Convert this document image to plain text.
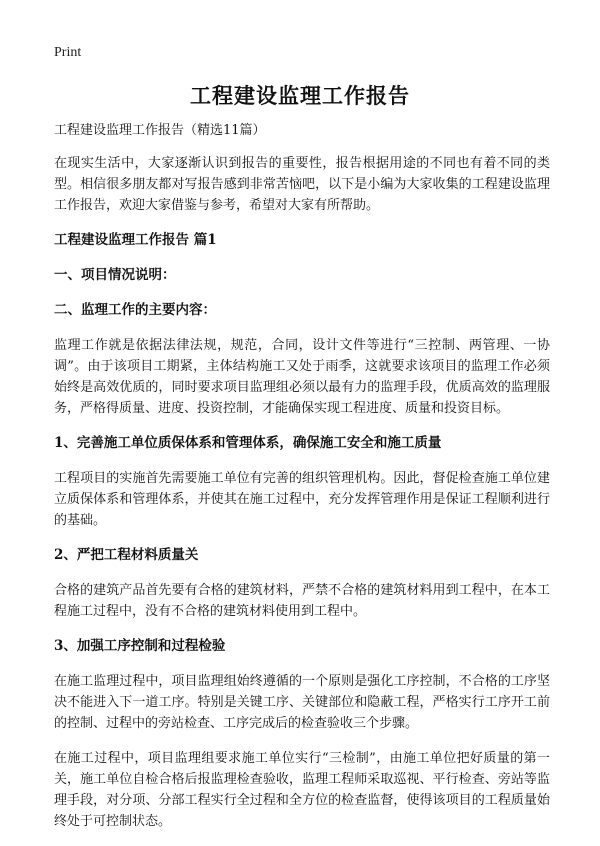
Print
工程建设监理工作报告

工程建设监理工作报告（精选11篇）

在现实生活中，大家逐渐认识到报告的重要性，报告根据用途的不同也有着不同的类型。相信很多朋友都对写报告感到非常苦恼吧，以下是小编为大家收集的工程建设监理工作报告，欢迎大家借鉴与参考，希望对大家有所帮助。

工程建设监理工作报告 篇1
一、项目情况说明：
二、监理工作的主要内容：

监理工作就是依据法律法规，规范，合同，设计文件等进行“三控制、两管理、一协调”。由于该项目工期紧，主体结构施工又处于雨季，这就要求该项目的监理工作必须始终是高效优质的，同时要求项目监理组必须以最有力的监理手段，优质高效的监理服务，严格得质量、进度、投资控制，才能确保实现工程进度、质量和投资目标。

1、完善施工单位质保体系和管理体系，确保施工安全和施工质量

工程项目的实施首先需要施工单位有完善的组织管理机构。因此，督促检查施工单位建立质保体系和管理体系，并使其在施工过程中，充分发挥管理作用是保证工程顺利进行的基础。

2、严把工程材料质量关

合格的建筑产品首先要有合格的建筑材料，严禁不合格的建筑材料用到工程中，在本工程施工过程中，没有不合格的建筑材料使用到工程中。

3、加强工序控制和过程检验

在施工监理过程中，项目监理组始终遵循的一个原则是强化工序控制，不合格的工序坚决不能进入下一道工序。特别是关键工序、关键部位和隐蔽工程，严格实行工序开工前的控制、过程中的旁站检查、工序完成后的检查验收三个步骤。

在施工过程中，项目监理组要求施工单位实行“三检制”，由施工单位把好质量的第一关，施工单位自检合格后报监理检查验收，监理工程师采取巡视、平行检查、旁站等监理手段，对分项、分部工程实行全过程和全方位的检查监督，使得该项目的工程质量始终处于可控制状态。
